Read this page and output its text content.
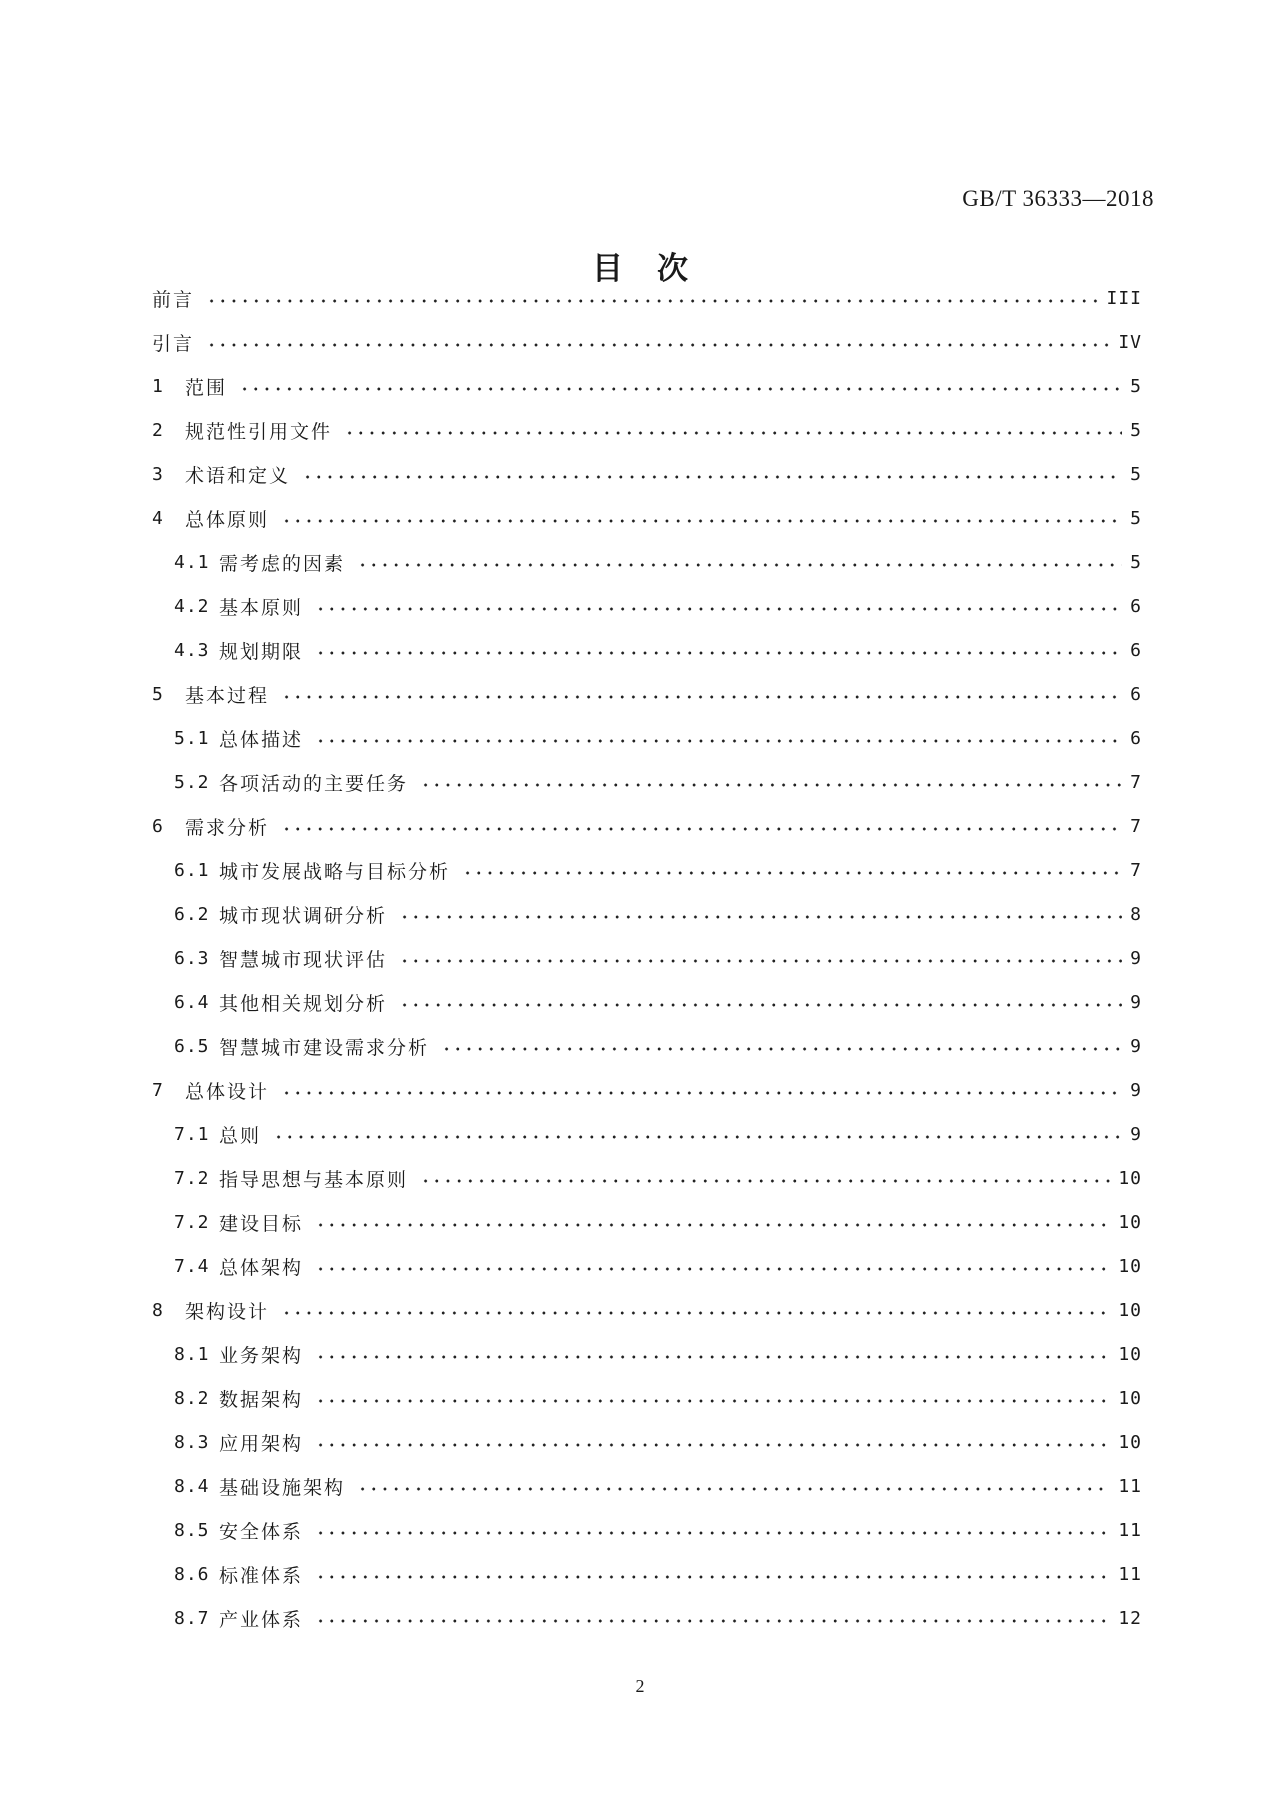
GB/T 36333—2018
目 次
前言	III
引言	IV
1	范围	5
2	规范性引用文件	5
3	术语和定义	5
4	总体原则	5
4.1 需考虑的因素	5
4.2 基本原则	6
4.3 规划期限	6
5	基本过程	6
5.1 总体描述	6
5.2 各项活动的主要任务	7
6	需求分析	7
6.1 城市发展战略与目标分析	7
6.2 城市现状调研分析	8
6.3 智慧城市现状评估	9
6.4 其他相关规划分析	9
6.5 智慧城市建设需求分析	9
7	总体设计	9
7.1 总则	9
7.2 指导思想与基本原则	10
7.2 建设目标	10
7.4 总体架构	10
8	架构设计	10
8.1 业务架构	10
8.2 数据架构	10
8.3 应用架构	10
8.4 基础设施架构	11
8.5 安全体系	11
8.6 标准体系	11
8.7 产业体系	12
2
